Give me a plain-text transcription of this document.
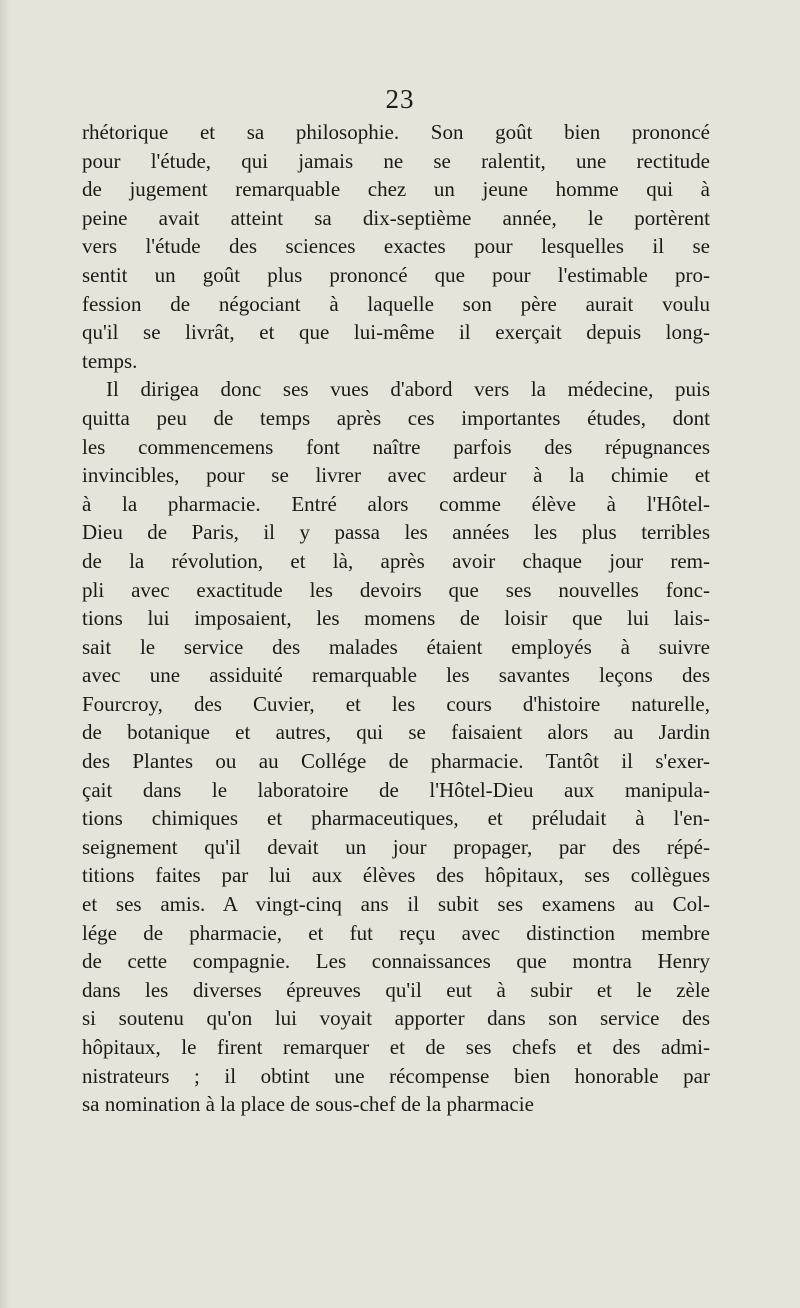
23
rhétorique et sa philosophie. Son goût bien prononcé
pour l'étude, qui jamais ne se ralentit, une rectitude
de jugement remarquable chez un jeune homme qui à
peine avait atteint sa dix-septième année, le portèrent
vers l'étude des sciences exactes pour lesquelles il se
sentit un goût plus prononcé que pour l'estimable pro-
fession de négociant à laquelle son père aurait voulu
qu'il se livrât, et que lui-même il exerçait depuis long-
temps.
Il dirigea donc ses vues d'abord vers la médecine, puis
quitta peu de temps après ces importantes études, dont
les commencemens font naître parfois des répugnances
invincibles, pour se livrer avec ardeur à la chimie et
à la pharmacie. Entré alors comme élève à l'Hôtel-
Dieu de Paris, il y passa les années les plus terribles
de la révolution, et là, après avoir chaque jour rem-
pli avec exactitude les devoirs que ses nouvelles fonc-
tions lui imposaient, les momens de loisir que lui lais-
sait le service des malades étaient employés à suivre
avec une assiduité remarquable les savantes leçons des
Fourcroy, des Cuvier, et les cours d'histoire naturelle,
de botanique et autres, qui se faisaient alors au Jardin
des Plantes ou au Collége de pharmacie. Tantôt il s'exer-
çait dans le laboratoire de l'Hôtel-Dieu aux manipula-
tions chimiques et pharmaceutiques, et préludait à l'en-
seignement qu'il devait un jour propager, par des répé-
titions faites par lui aux élèves des hôpitaux, ses collègues
et ses amis. A vingt-cinq ans il subit ses examens au Col-
lége de pharmacie, et fut reçu avec distinction membre
de cette compagnie. Les connaissances que montra Henry
dans les diverses épreuves qu'il eut à subir et le zèle
si soutenu qu'on lui voyait apporter dans son service des
hôpitaux, le firent remarquer et de ses chefs et des admi-
nistrateurs ; il obtint une récompense bien honorable par
sa nomination à la place de sous-chef de la pharmacie
